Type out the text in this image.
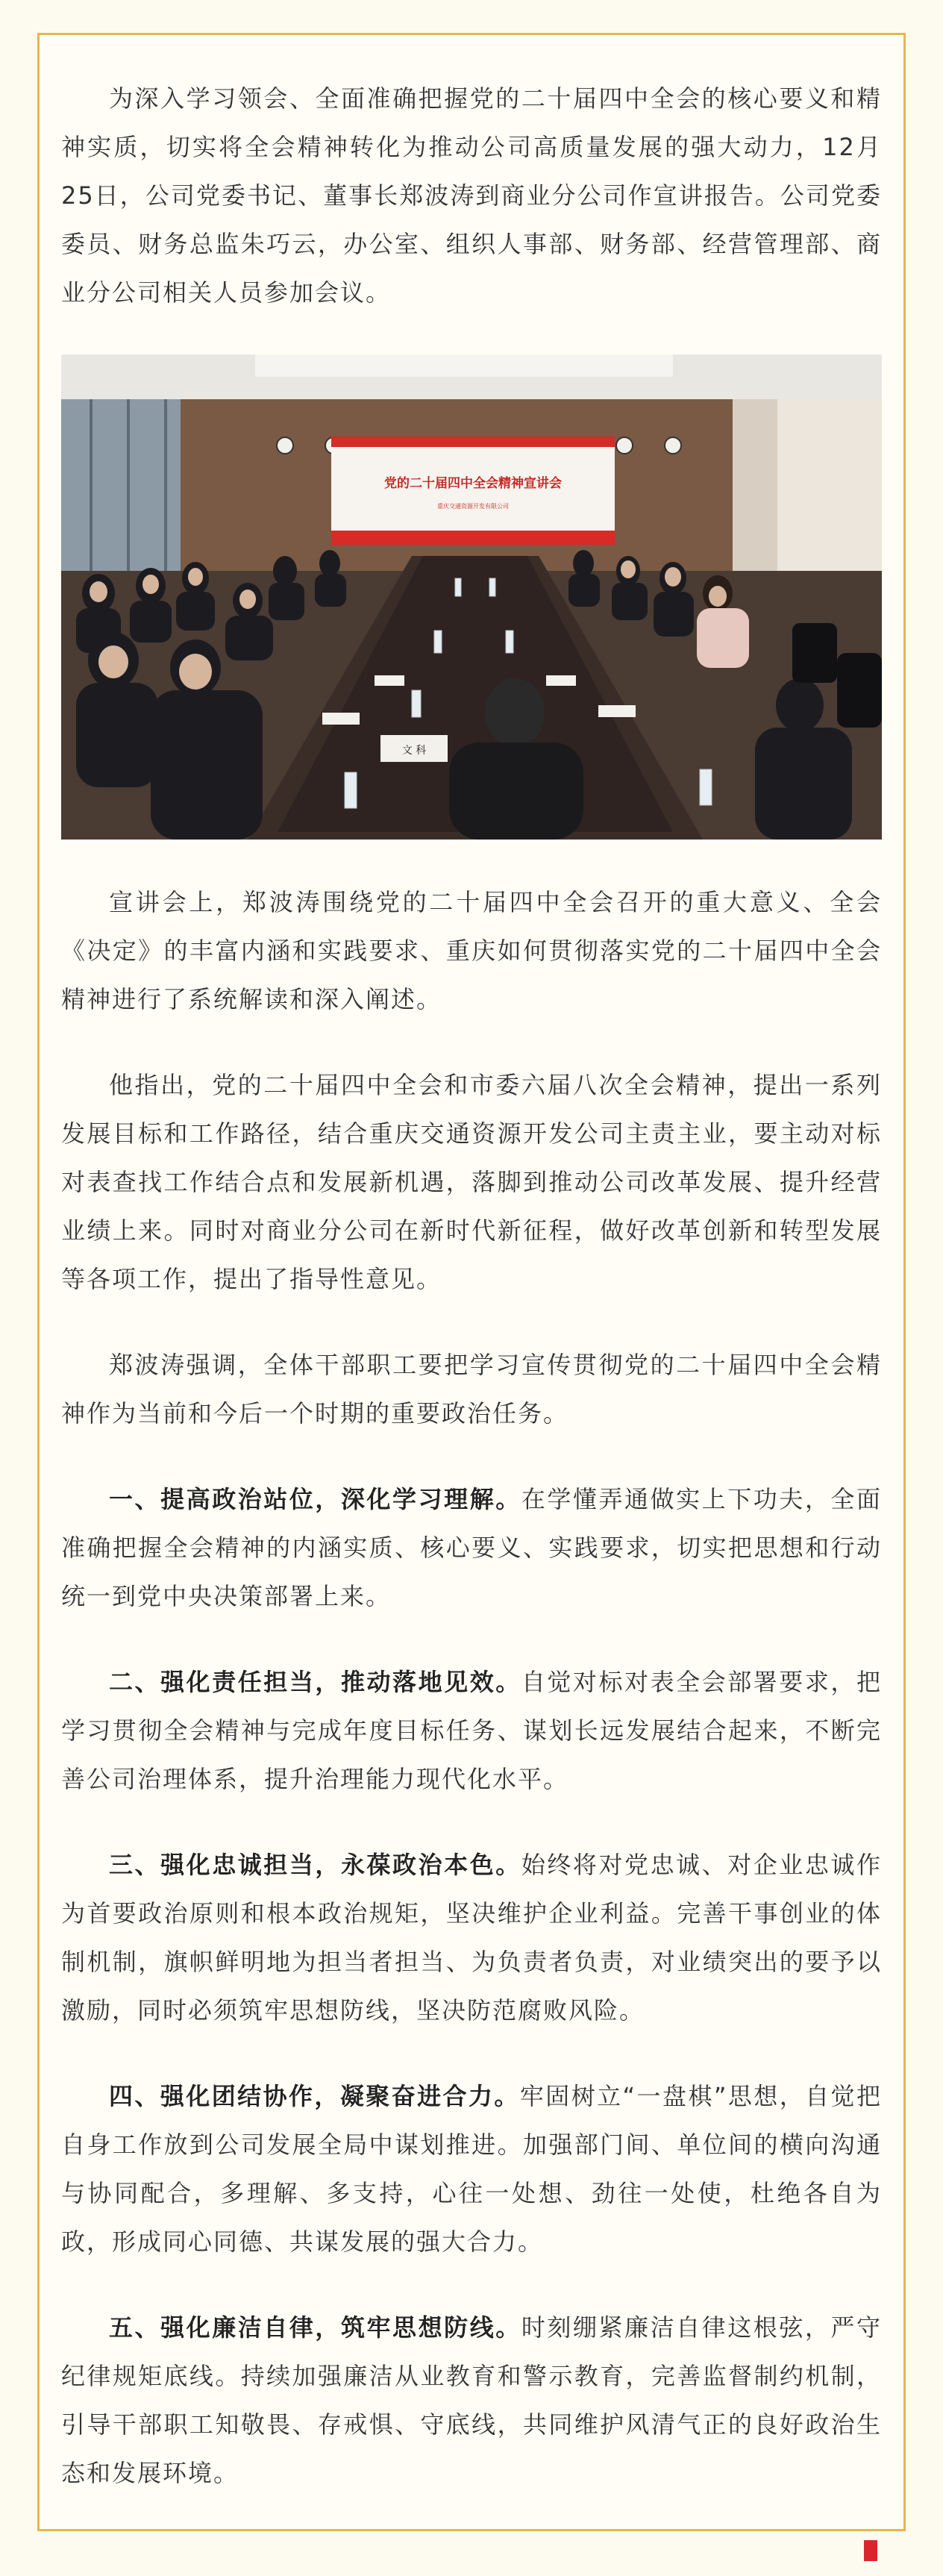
为深入学习领会、全面准确把握党的二十届四中全会的核心要义和精神实质，切实将全会精神转化为推动公司高质量发展的强大动力，12月25日，公司党委书记、董事长郑波涛到商业分公司作宣讲报告。公司党委委员、财务总监朱巧云，办公室、组织人事部、财务部、经营管理部、商业分公司相关人员参加会议。

党的二十届四中全会精神宣讲会
重庆交通资源开发有限公司
文 科

宣讲会上，郑波涛围绕党的二十届四中全会召开的重大意义、全会《决定》的丰富内涵和实践要求、重庆如何贯彻落实党的二十届四中全会精神进行了系统解读和深入阐述。

他指出，党的二十届四中全会和市委六届八次全会精神，提出一系列发展目标和工作路径，结合重庆交通资源开发公司主责主业，要主动对标对表查找工作结合点和发展新机遇，落脚到推动公司改革发展、提升经营业绩上来。同时对商业分公司在新时代新征程，做好改革创新和转型发展等各项工作，提出了指导性意见。

郑波涛强调，全体干部职工要把学习宣传贯彻党的二十届四中全会精神作为当前和今后一个时期的重要政治任务。

一、提高政治站位，深化学习理解。在学懂弄通做实上下功夫，全面准确把握全会精神的内涵实质、核心要义、实践要求，切实把思想和行动统一到党中央决策部署上来。

二、强化责任担当，推动落地见效。自觉对标对表全会部署要求，把学习贯彻全会精神与完成年度目标任务、谋划长远发展结合起来，不断完善公司治理体系，提升治理能力现代化水平。

三、强化忠诚担当，永葆政治本色。始终将对党忠诚、对企业忠诚作为首要政治原则和根本政治规矩，坚决维护企业利益。完善干事创业的体制机制，旗帜鲜明地为担当者担当、为负责者负责，对业绩突出的要予以激励，同时必须筑牢思想防线，坚决防范腐败风险。

四、强化团结协作，凝聚奋进合力。牢固树立“一盘棋”思想，自觉把自身工作放到公司发展全局中谋划推进。加强部门间、单位间的横向沟通与协同配合，多理解、多支持，心往一处想、劲往一处使，杜绝各自为政，形成同心同德、共谋发展的强大合力。

五、强化廉洁自律，筑牢思想防线。时刻绷紧廉洁自律这根弦，严守纪律规矩底线。持续加强廉洁从业教育和警示教育，完善监督制约机制，引导干部职工知敬畏、存戒惧、守底线，共同维护风清气正的良好政治生态和发展环境。
